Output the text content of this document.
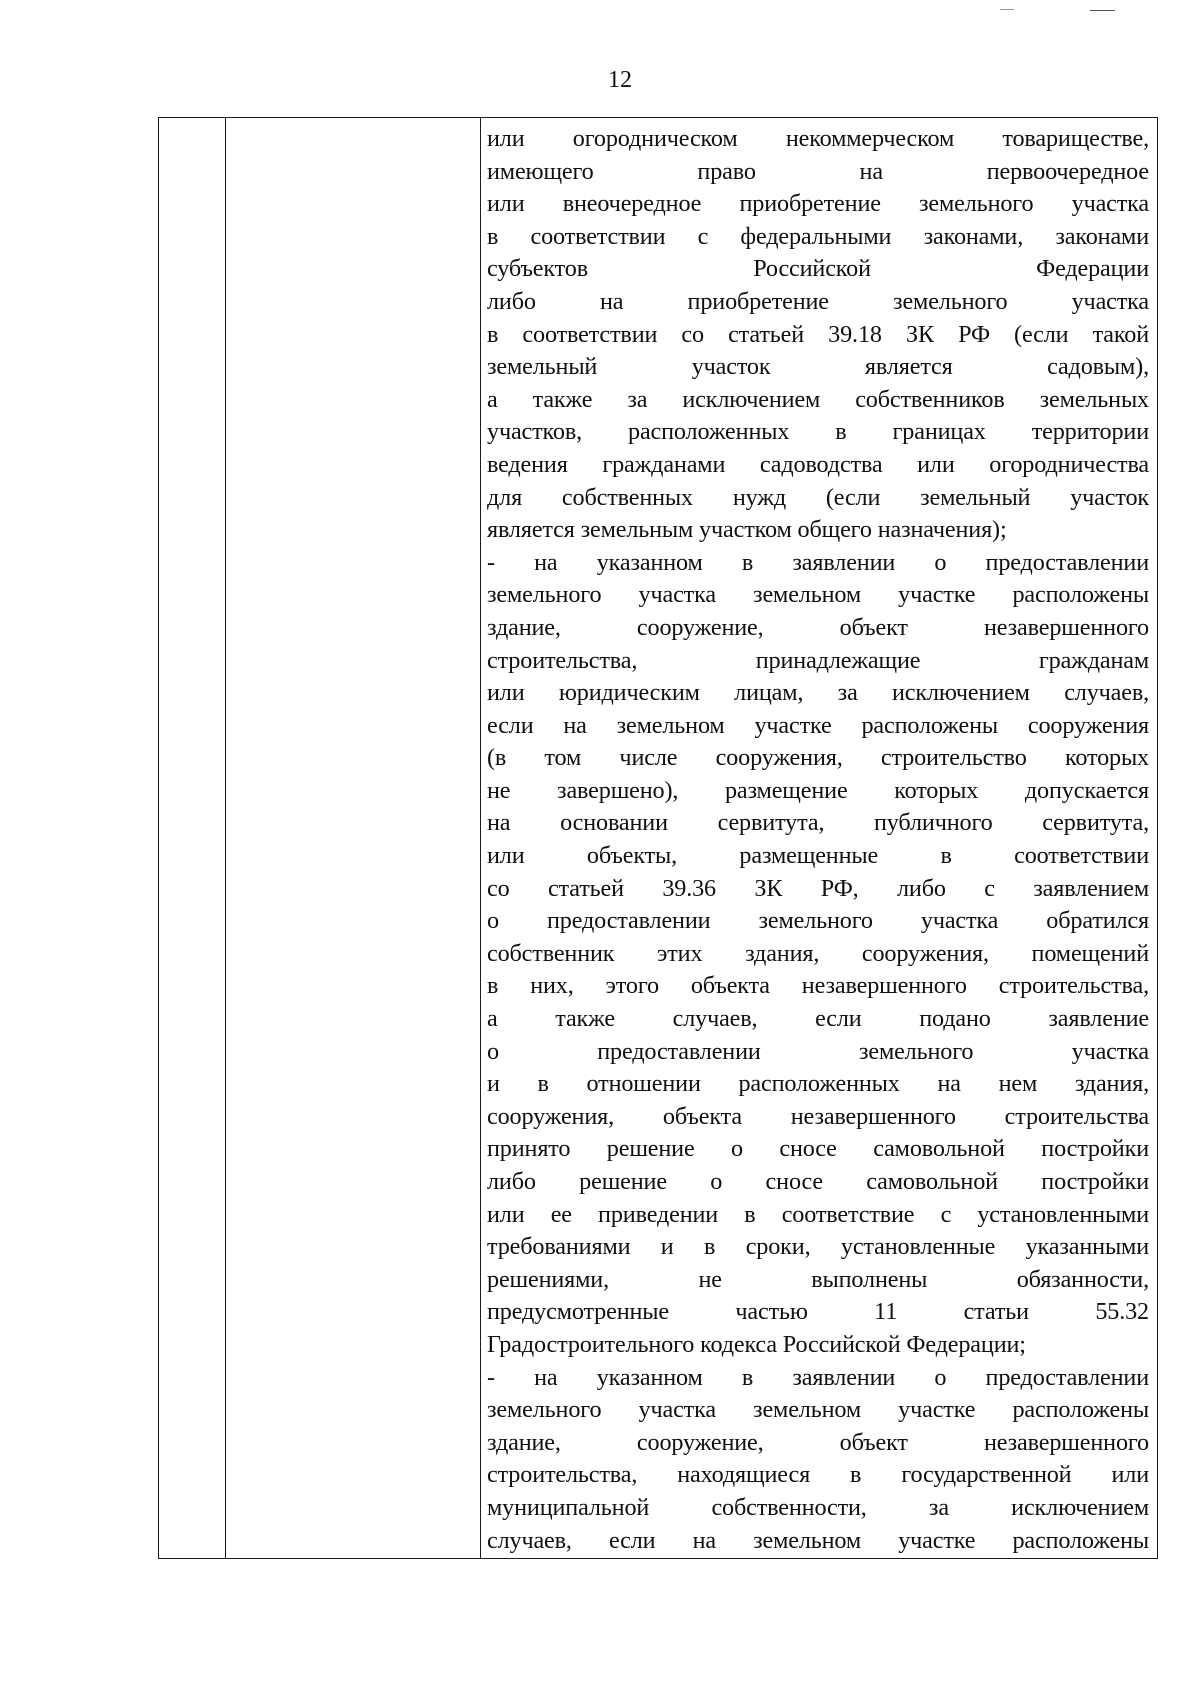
12
или огородническом некоммерческом товариществе,
имеющего право на первоочередное
или внеочередное приобретение земельного участка
в соответствии с федеральными законами, законами
субъектов Российской Федерации
либо на приобретение земельного участка
в соответствии со статьей 39.18 ЗК РФ (если такой
земельный участок является садовым),
а также за исключением собственников земельных
участков, расположенных в границах территории
ведения гражданами садоводства или огородничества
для собственных нужд (если земельный участок
является земельным участком общего назначения);
- на указанном в заявлении о предоставлении
земельного участка земельном участке расположены
здание, сооружение, объект незавершенного
строительства, принадлежащие гражданам
или юридическим лицам, за исключением случаев,
если на земельном участке расположены сооружения
(в том числе сооружения, строительство которых
не завершено), размещение которых допускается
на основании сервитута, публичного сервитута,
или объекты, размещенные в соответствии
со статьей 39.36 ЗК РФ, либо с заявлением
о предоставлении земельного участка обратился
собственник этих здания, сооружения, помещений
в них, этого объекта незавершенного строительства,
а также случаев, если подано заявление
о предоставлении земельного участка
и в отношении расположенных на нем здания,
сооружения, объекта незавершенного строительства
принято решение о сносе самовольной постройки
либо решение о сносе самовольной постройки
или ее приведении в соответствие с установленными
требованиями и в сроки, установленные указанными
решениями, не выполнены обязанности,
предусмотренные частью 11 статьи 55.32
Градостроительного кодекса Российской Федерации;
- на указанном в заявлении о предоставлении
земельного участка земельном участке расположены
здание, сооружение, объект незавершенного
строительства, находящиеся в государственной или
муниципальной собственности, за исключением
случаев, если на земельном участке расположены
